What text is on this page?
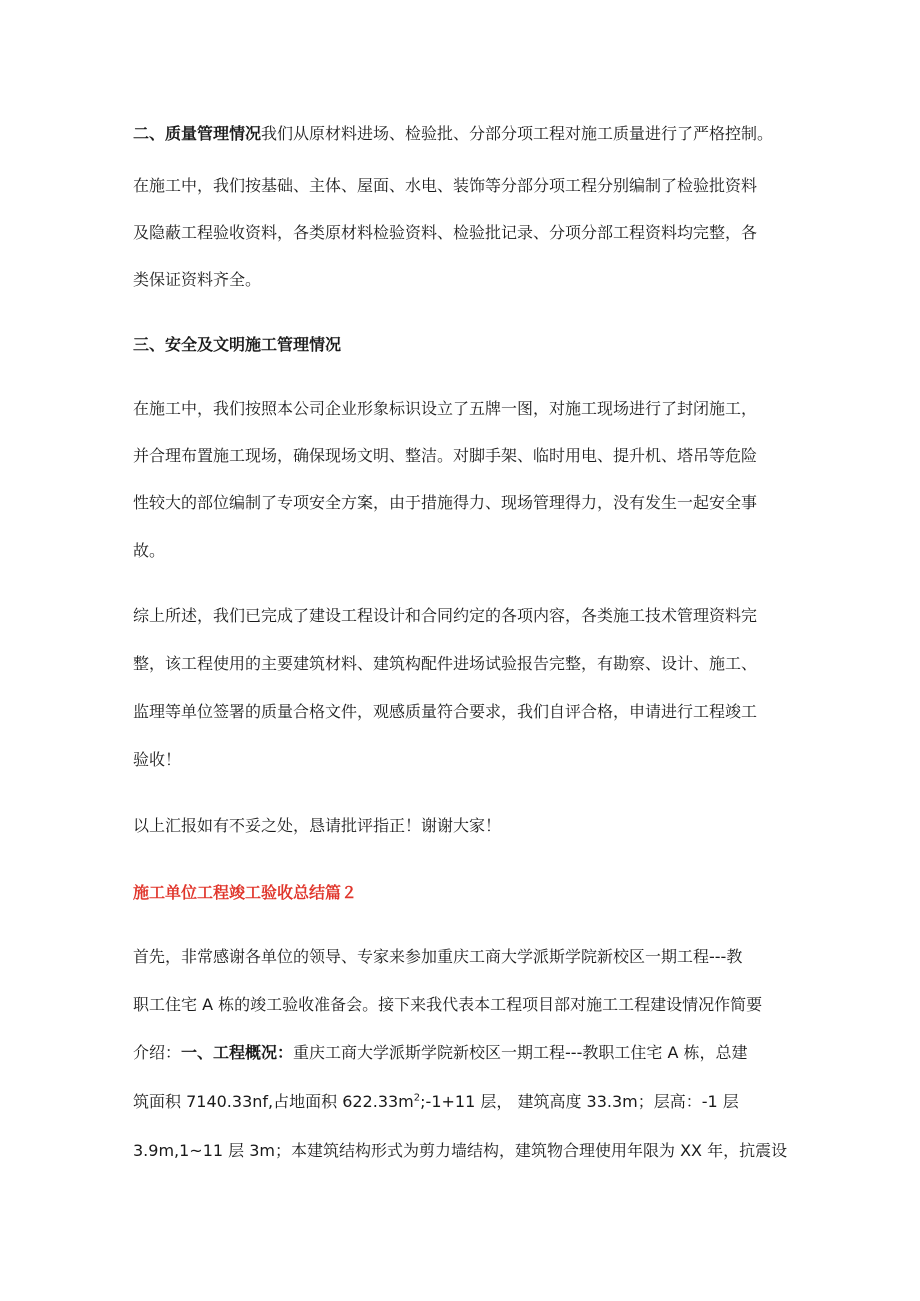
二、质量管理情况我们从原材料进场、检验批、分部分项工程对施工质量进行了严格控制。
在施工中，我们按基础、主体、屋面、水电、装饰等分部分项工程分别编制了检验批资料
及隐蔽工程验收资料，各类原材料检验资料、检验批记录、分项分部工程资料均完整，各
类保证资料齐全。
三、安全及文明施工管理情况
在施工中，我们按照本公司企业形象标识设立了五牌一图，对施工现场进行了封闭施工，
并合理布置施工现场，确保现场文明、整洁。对脚手架、临时用电、提升机、塔吊等危险
性较大的部位编制了专项安全方案，由于措施得力、现场管理得力，没有发生一起安全事
故。
综上所述，我们已完成了建设工程设计和合同约定的各项内容，各类施工技术管理资料完
整，该工程使用的主要建筑材料、建筑构配件进场试验报告完整，有勘察、设计、施工、
监理等单位签署的质量合格文件，观感质量符合要求，我们自评合格，申请进行工程竣工
验收！
以上汇报如有不妥之处，恳请批评指正！谢谢大家！
施工单位工程竣工验收总结篇２
首先，非常感谢各单位的领导、专家来参加重庆工商大学派斯学院新校区一期工程---教
职工住宅 A 栋的竣工验收准备会。接下来我代表本工程项目部对施工工程建设情况作简要
介绍：一、工程概况：重庆工商大学派斯学院新校区一期工程---教职工住宅 A 栋，总建
筑面积 7140.33nf,占地面积 $622.33m^2;-1+11$ 层， 建筑高度 33.3m；层高：-1 层
3.9m,1~11 层 3m；本建筑结构形式为剪力墙结构，建筑物合理使用年限为 XX 年，抗震设
